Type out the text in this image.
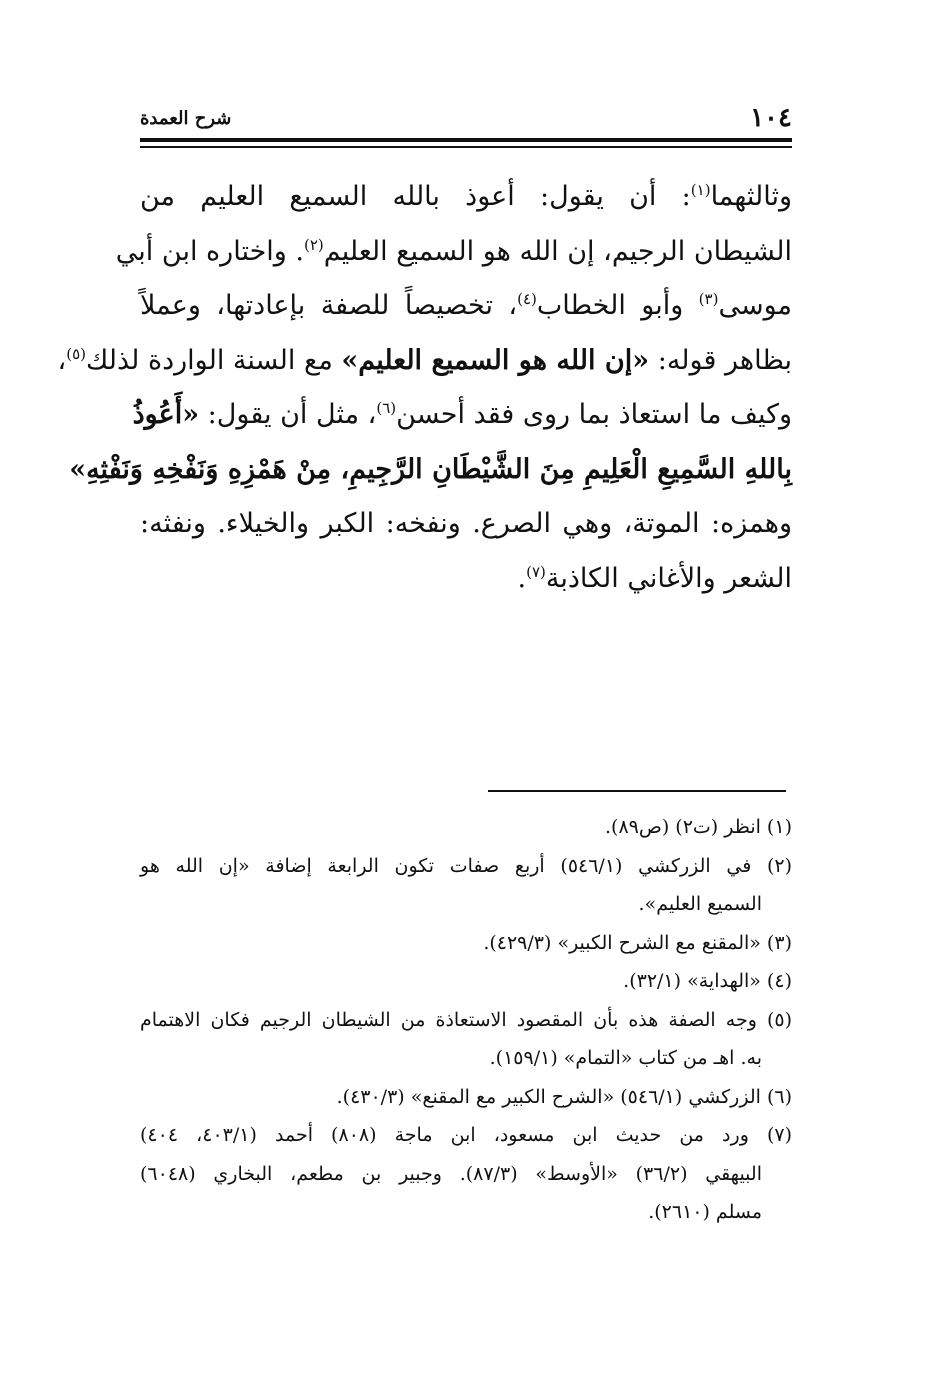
١٠٤
شرح العمدة
وثالثهما$^{(١)}$: أن يقول: أعوذ بالله السميع العليم من
الشيطان الرجيم، إن الله هو السميع العليم$^{(٢)}$. واختاره ابن أبي
موسى$^{(٣)}$ وأبو الخطاب$^{(٤)}$، تخصيصاً للصفة بإعادتها، وعملاً
بظاهر قوله: «إن الله هو السميع العليم» مع السنة الواردة لذلك$^{(٥)}$،
وكيف ما استعاذ بما روى فقد أحسن$^{(٦)}$، مثل أن يقول: «أَعُوذُ
بِاللهِ السَّمِيعِ الْعَلِيمِ مِنَ الشَّيْطَانِ الرَّجِيمِ، مِنْ هَمْزِهِ وَنَفْخِهِ وَنَفْثِهِ»
وهمزه: الموتة، وهي الصرع. ونفخه: الكبر والخيلاء. ونفثه:
الشعر والأغاني الكاذبة$^{(٧)}$.
(١) انظر (ت٢) (ص٨٩).
(٢) في الزركشي (٥٤٦/١) أربع صفات تكون الرابعة إضافة «إن الله هو
السميع العليم».
(٣) «المقنع مع الشرح الكبير» (٤٢٩/٣).
(٤) «الهداية» (٣٢/١).
(٥) وجه الصفة هذه بأن المقصود الاستعاذة من الشيطان الرجيم فكان الاهتمام
به. اهـ من كتاب «التمام» (١٥٩/١).
(٦) الزركشي (٥٤٦/١) «الشرح الكبير مع المقنع» (٤٣٠/٣).
(٧) ورد من حديث ابن مسعود، ابن ماجة (٨٠٨) أحمد (٤٠٣/١، ٤٠٤)
البيهقي (٣٦/٢) «الأوسط» (٨٧/٣). وجبير بن مطعم، البخاري (٦٠٤٨)
مسلم (٢٦١٠).
